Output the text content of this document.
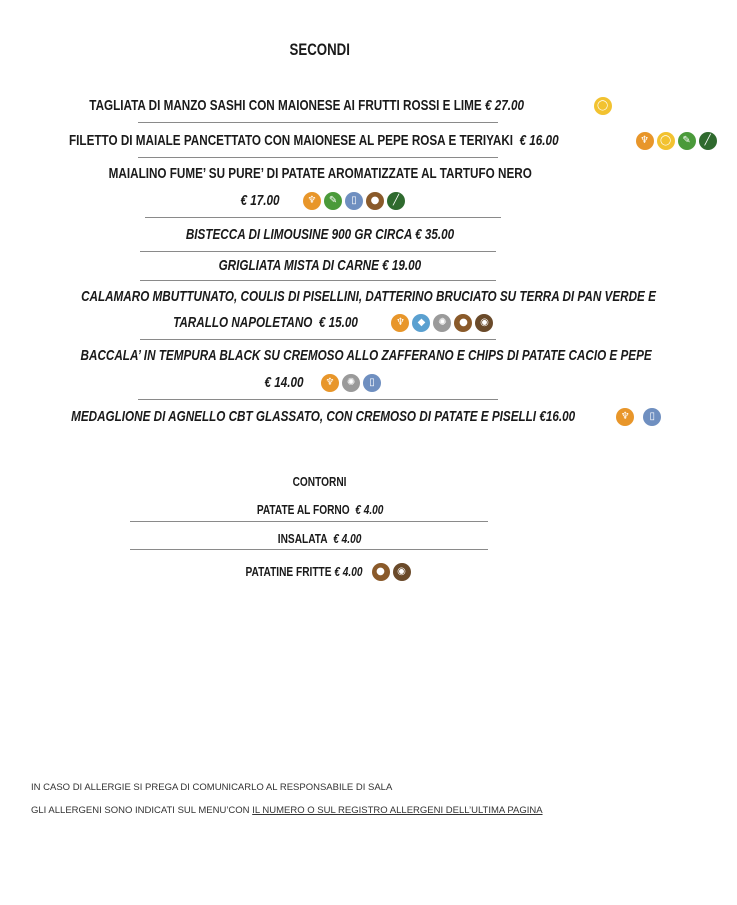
SECONDI
TAGLIATA DI MANZO SASHI CON MAIONESE AI FRUTTI ROSSI E LIME € 27.00	◯
FILETTO DI MAIALE PANCETTATO CON MAIONESE AL PEPE ROSA E TERIYAKI € 16.00	♆	◯	✎	╱
MAIALINO FUME’ SU PURE’ DI PATATE AROMATIZZATE AL TARTUFO NERO
€ 17.00	♆	✎	▯	●	╱
BISTECCA DI LIMOUSINE 900 GR CIRCA € 35.00
GRIGLIATA MISTA DI CARNE € 19.00
CALAMARO MBUTTUNATO, COULIS DI PISELLINI, DATTERINO BRUCIATO SU TERRA DI PAN VERDE E
TARALLO NAPOLETANO € 15.00	♆	◆	✺	●	◉
BACCALA’ IN TEMPURA BLACK SU CREMOSO ALLO ZAFFERANO E CHIPS DI PATATE CACIO E PEPE
€ 14.00	♆	✺	▯
MEDAGLIONE DI AGNELLO CBT GLASSATO, CON CREMOSO DI PATATE E PISELLI €16.00	♆	▯
CONTORNI
PATATE AL FORNO € 4.00
INSALATA € 4.00
PATATINE FRITTE € 4.00	●	◉
IN CASO DI ALLERGIE SI PREGA DI COMUNICARLO AL RESPONSABILE DI SALA
GLI ALLERGENI SONO INDICATI SUL MENU’CON IL NUMERO O SUL REGISTRO ALLERGENI DELL’ULTIMA PAGINA
